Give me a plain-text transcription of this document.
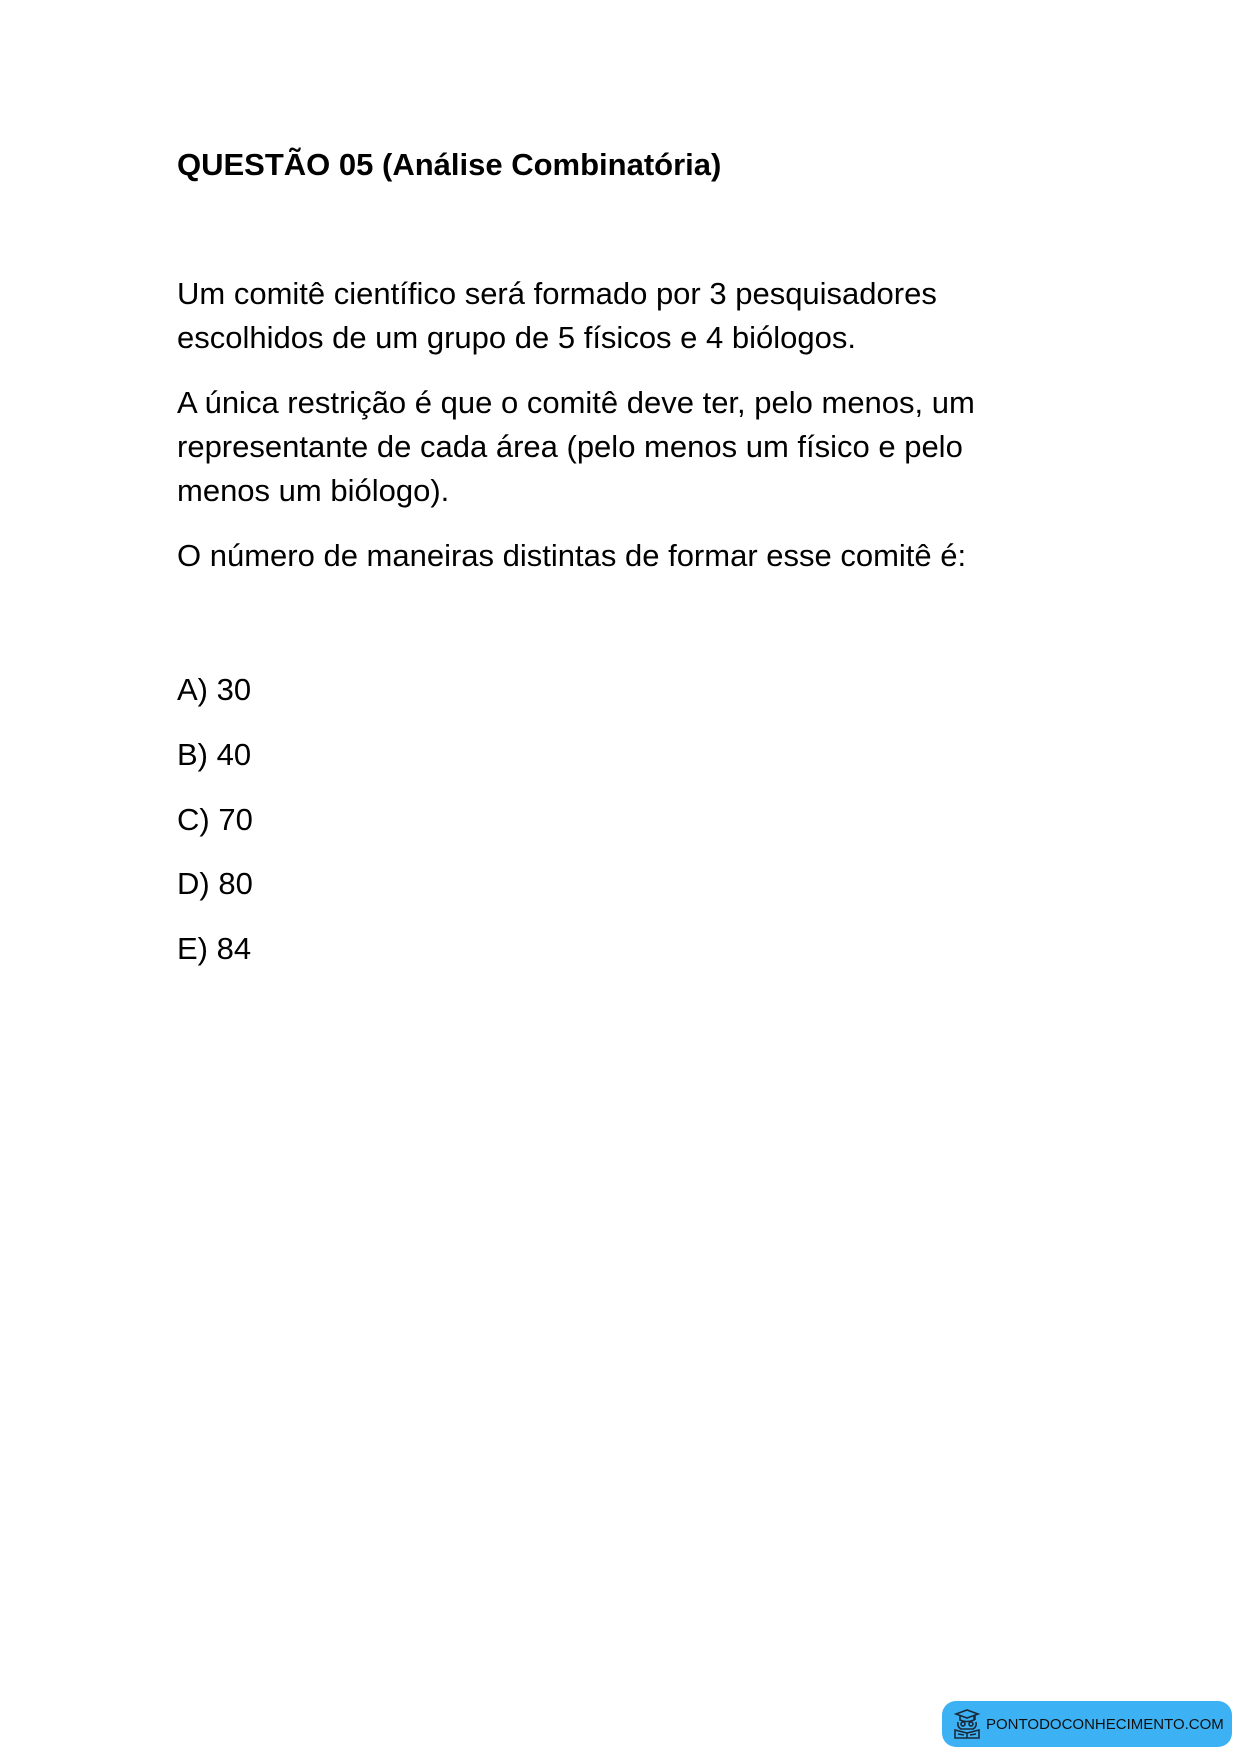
QUESTÃO 05 (Análise Combinatória)
Um comitê científico será formado por 3 pesquisadores
escolhidos de um grupo de 5 físicos e 4 biólogos.
A única restrição é que o comitê deve ter, pelo menos, um
representante de cada área (pelo menos um físico e pelo
menos um biólogo).
O número de maneiras distintas de formar esse comitê é:
A) 30
B) 40
C) 70
D) 80
E) 84
PONTODOCONHECIMENTO.COM
